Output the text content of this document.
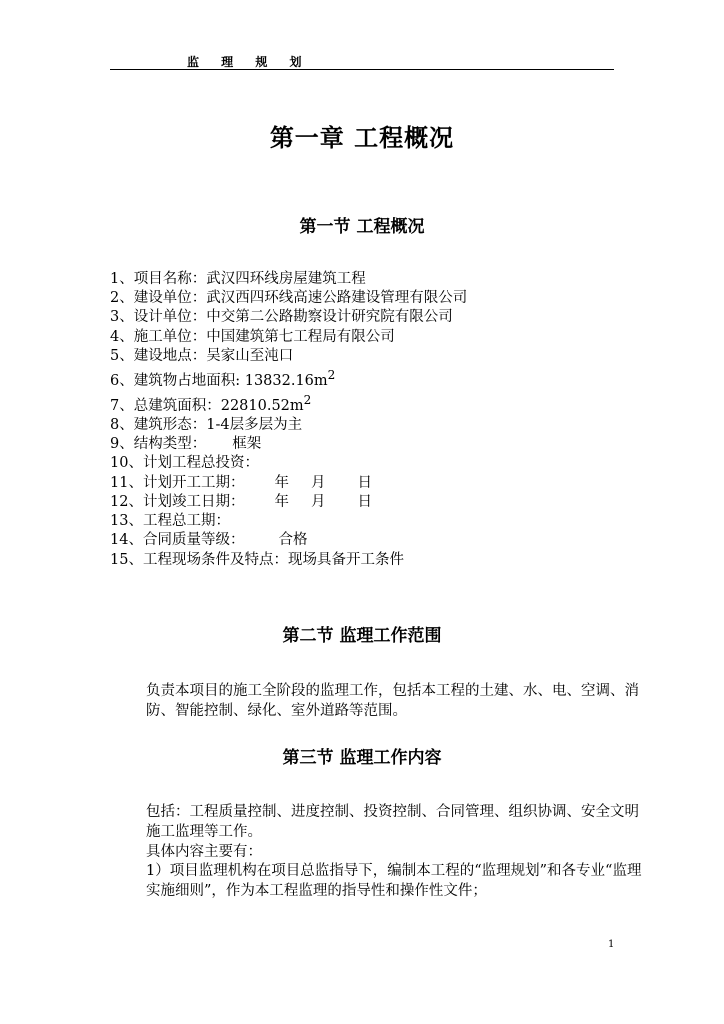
监 理 规 划
第一章 工程概况
第一节 工程概况
1、项目名称：武汉四环线房屋建筑工程
2、建设单位：武汉西四环线高速公路建设管理有限公司
3、设计单位：中交第二公路勘察设计研究院有限公司
4、施工单位：中国建筑第七工程局有限公司
5、建设地点：吴家山至沌口
6、建筑物占地面积: $13832.16m^2$
7、总建筑面积：$22810.52m^2$
8、建筑形态：1-4层多层为主
9、结构类型： 框架
10、计划工程总投资：
11、计划开工工期： 年 月 日
12、计划竣工日期： 年 月 日
13、工程总工期：
14、合同质量等级： 合格
15、工程现场条件及特点：现场具备开工条件
第二节 监理工作范围

负责本项目的施工全阶段的监理工作，包括本工程的土建、水、电、空调、消防、智能控制、绿化、室外道路等范围。

第三节 监理工作内容

包括：工程质量控制、进度控制、投资控制、合同管理、组织协调、安全文明施工监理等工作。

具体内容主要有：

1）项目监理机构在项目总监指导下，编制本工程的“监理规划”和各专业“监理实施细则”，作为本工程监理的指导性和操作性文件；

1
